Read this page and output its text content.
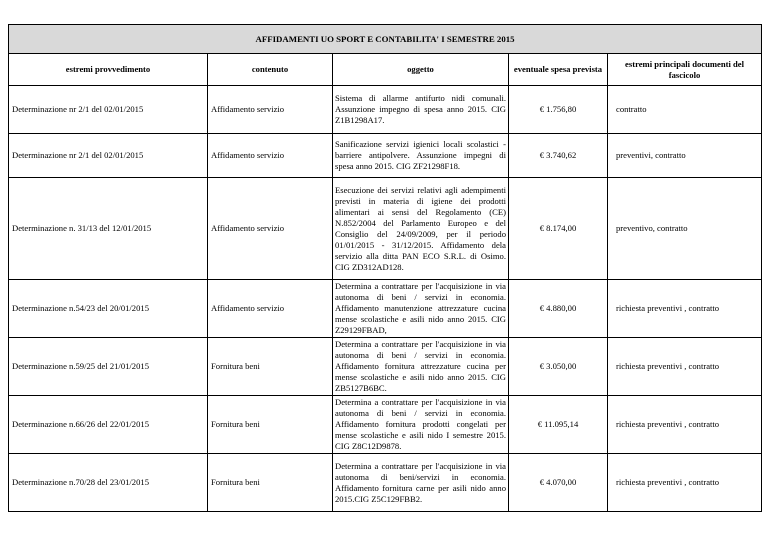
AFFIDAMENTI UO SPORT E CONTABILITA' I SEMESTRE 2015				
estremi provvedimento	contenuto	oggetto	eventuale spesa prevista	estremi principali documenti del fascicolo
Determinazione nr 2/1 del 02/01/2015	Affidamento servizio	Sistema di allarme antifurto nidi comunali. Assunzione impegno di spesa anno 2015. CIG Z1B1298A17.	€ 1.756,80	contratto
Determinazione nr 2/1 del 02/01/2015	Affidamento servizio	Sanificazione servizi igienici locali scolastici - barriere antipolvere. Assunzione impegni di spesa anno 2015. CIG ZF21298F18.	€ 3.740,62	preventivi, contratto
Determinazione n. 31/13 del 12/01/2015	Affidamento servizio	Esecuzione dei servizi relativi agli adempimenti previsti in materia di igiene dei prodotti alimentari ai sensi del Regolamento (CE) N.852/2004 del Parlamento Europeo e del Consiglio del 24/09/2009, per il periodo 01/01/2015 - 31/12/2015. Affidamento dela servizio alla ditta PAN ECO S.R.L. di Osimo. CIG ZD312AD128.	€ 8.174,00	preventivo, contratto
Determinazione n.54/23 del 20/01/2015	Affidamento servizio	Determina a contrattare per l'acquisizione in via autonoma di beni / servizi in economia. Affidamento manutenzione attrezzature cucina mense scolastiche e asili nido anno 2015. CIG Z29129FBAD,	€ 4.880,00	richiesta preventivi , contratto
Determinazione n.59/25 del 21/01/2015	Fornitura beni	Determina a contrattare per l'acquisizione in via autonoma di beni / servizi in economia. Affidamento fornitura attrezzature cucina per mense scolastiche e asili nido anno 2015. CIG ZB5127B6BC.	€ 3.050,00	richiesta preventivi , contratto
Determinazione n.66/26 del 22/01/2015	Fornitura beni	Determina a contrattare per l'acquisizione in via autonoma di beni / servizi in economia. Affidamento fornitura prodotti congelati per mense scolastiche e asili nido I semestre 2015. CIG Z8C12D9878.	€ 11.095,14	richiesta preventivi , contratto
Determinazione n.70/28 del 23/01/2015	Fornitura beni	Determina a contrattare per l'acquisizione in via autonoma di beni/servizi in economia. Affidamento fornitura carne per asili nido anno 2015.CIG Z5C129FBB2.	€ 4.070,00	richiesta preventivi , contratto
